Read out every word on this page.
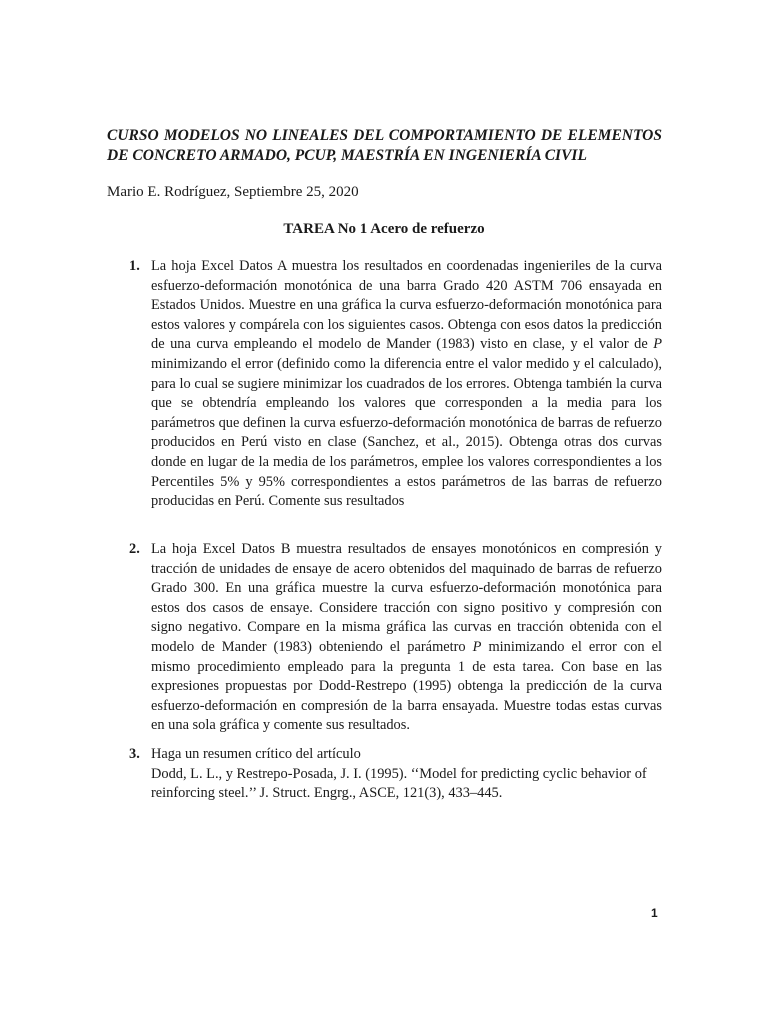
CURSO MODELOS NO LINEALES DEL COMPORTAMIENTO DE ELEMENTOS DE CONCRETO ARMADO, PCUP, MAESTRÍA EN INGENIERÍA CIVIL

Mario E. Rodríguez, Septiembre 25, 2020

TAREA No 1 Acero de refuerzo

1. La hoja Excel Datos A muestra los resultados en coordenadas ingenieriles de la curva esfuerzo-deformación monotónica de una barra Grado 420 ASTM 706 ensayada en Estados Unidos. Muestre en una gráfica la curva esfuerzo-deformación monotónica para estos valores y compárela con los siguientes casos. Obtenga con esos datos la predicción de una curva empleando el modelo de Mander (1983) visto en clase, y el valor de P minimizando el error (definido como la diferencia entre el valor medido y el calculado), para lo cual se sugiere minimizar los cuadrados de los errores. Obtenga también la curva que se obtendría empleando los valores que corresponden a la media para los parámetros que definen la curva esfuerzo-deformación monotónica de barras de refuerzo producidos en Perú visto en clase (Sanchez, et al., 2015). Obtenga otras dos curvas donde en lugar de la media de los parámetros, emplee los valores correspondientes a los Percentiles 5% y 95% correspondientes a estos parámetros de las barras de refuerzo producidas en Perú. Comente sus resultados

2. La hoja Excel Datos B muestra resultados de ensayes monotónicos en compresión y tracción de unidades de ensaye de acero obtenidos del maquinado de barras de refuerzo Grado 300. En una gráfica muestre la curva esfuerzo-deformación monotónica para estos dos casos de ensaye. Considere tracción con signo positivo y compresión con signo negativo. Compare en la misma gráfica las curvas en tracción obtenida con el modelo de Mander (1983) obteniendo el parámetro P minimizando el error con el mismo procedimiento empleado para la pregunta 1 de esta tarea. Con base en las expresiones propuestas por Dodd-Restrepo (1995) obtenga la predicción de la curva esfuerzo-deformación en compresión de la barra ensayada. Muestre todas estas curvas en una sola gráfica y comente sus resultados.

3. Haga un resumen crítico del artículo
Dodd, L. L., y Restrepo-Posada, J. I. (1995). ‘‘Model for predicting cyclic behavior of reinforcing steel.’’ J. Struct. Engrg., ASCE, 121(3), 433–445.

1
